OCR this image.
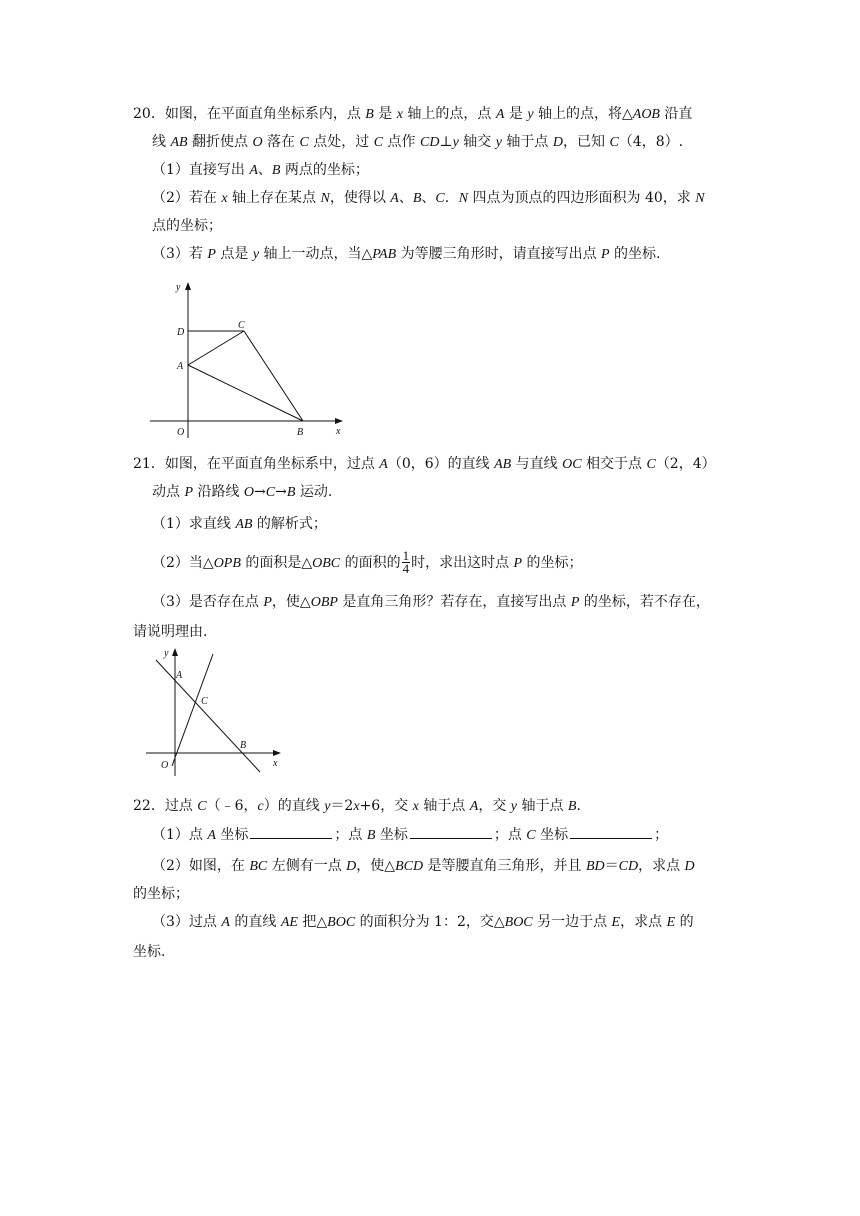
20．如图，在平面直角坐标系内，点 B 是 x 轴上的点，点 A 是 y 轴上的点，将△AOB 沿直
线 AB 翻折使点 O 落在 C 点处，过 C 点作 CD⊥y 轴交 y 轴于点 D，已知 C（4，8）.
（1）直接写出 A、B 两点的坐标；
（2）若在 x 轴上存在某点 N，使得以 A、B、C．N 四点为顶点的四边形面积为 40，求 N
点的坐标；
（3）若 P 点是 y 轴上一动点，当△PAB 为等腰三角形时，请直接写出点 P 的坐标.
y
x
D
C
A
O	B
21．如图，在平面直角坐标系中，过点 A（0，6）的直线 AB 与直线 OC 相交于点 C（2，4）
动点 P 沿路线 O→C→B 运动.
（1）求直线 AB 的解析式；
（2）当△OPB 的面积是△OBC 的面积的 $\frac{1}{4}$ 时，求出这时点 P 的坐标；
（3）是否存在点 P，使△OBP 是直角三角形？若存在，直接写出点 P 的坐标，若不存在，
请说明理由.
y
x
A
C
O
B
22．过点 C（﹣6，c）的直线 y＝2x+6，交 x 轴于点 A，交 y 轴于点 B.
（1）点 A 坐标	；点 B 坐标	；点 C 坐标	；
（2）如图，在 BC 左侧有一点 D，使△BCD 是等腰直角三角形，并且 BD＝CD，求点 D
的坐标；
（3）过点 A 的直线 AE 把△BOC 的面积分为 1：2，交△BOC 另一边于点 E，求点 E 的
坐标.
